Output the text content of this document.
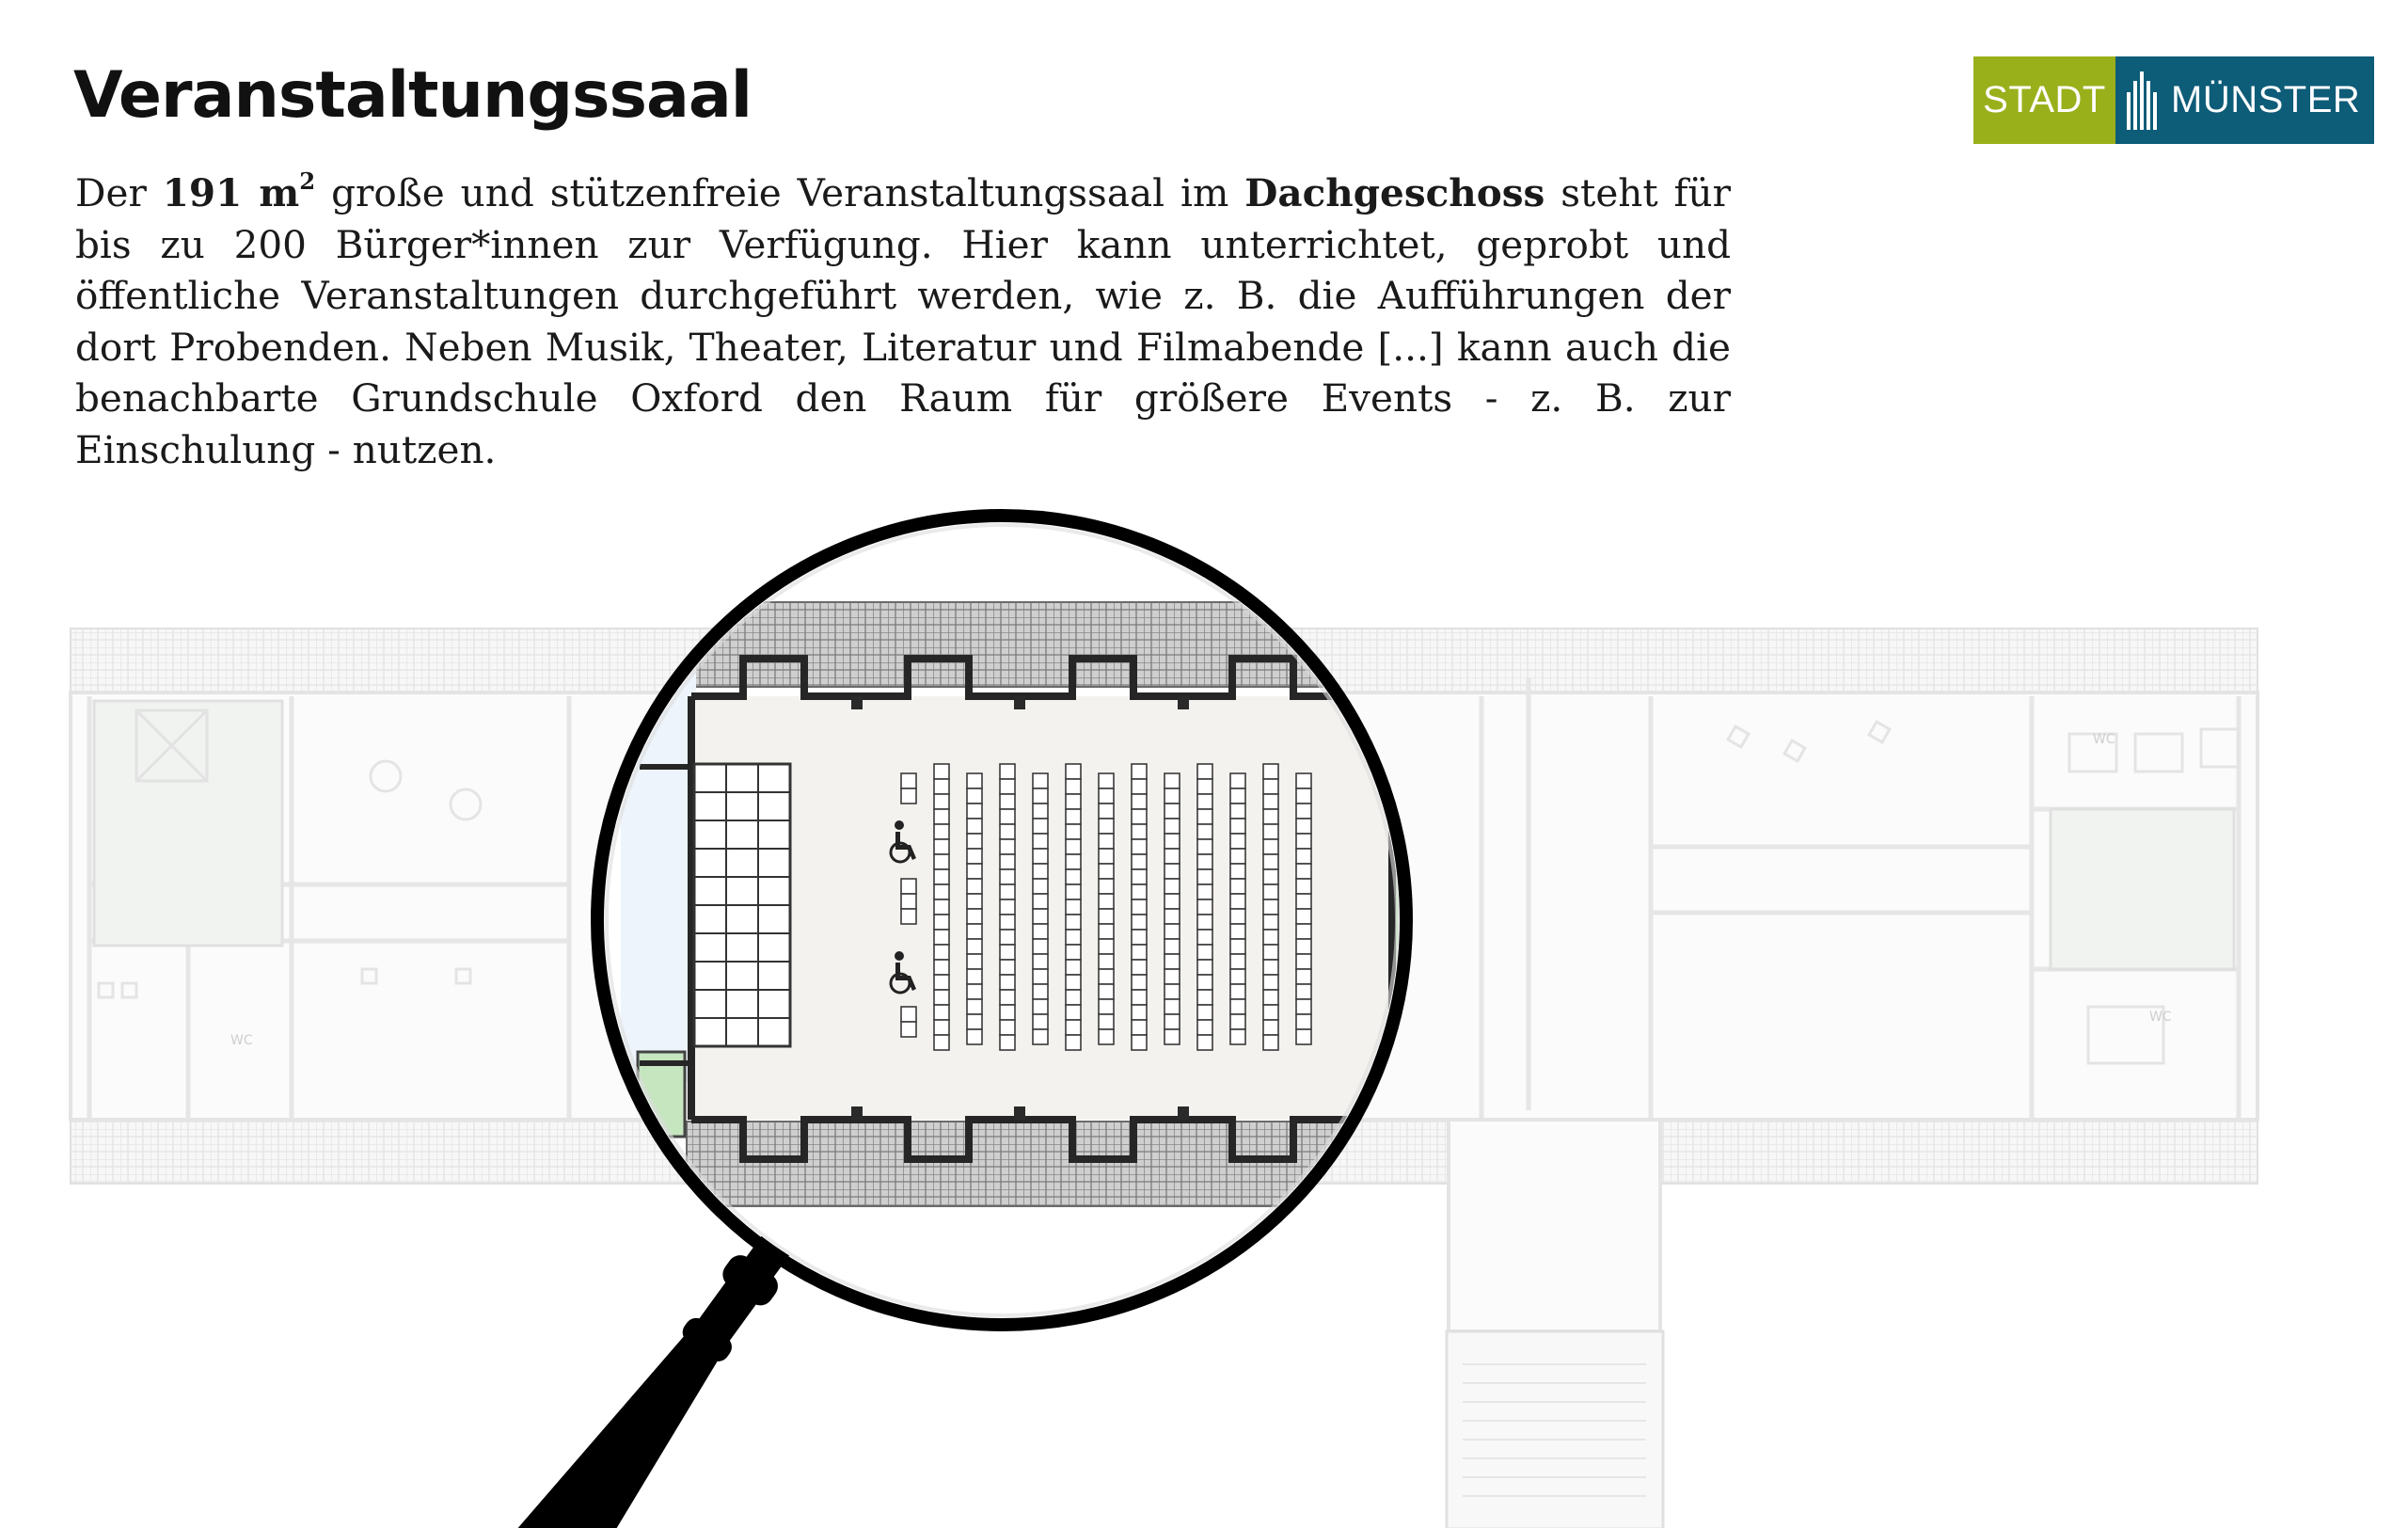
Veranstaltungssaal

Der 191 $m^2$ große und stützenfreie Veranstaltungssaal im Dachgeschoss steht für bis zu 200 Bürger*innen zur Verfügung. Hier kann unterrichtet, geprobt und öffentliche Veranstaltungen durchgeführt werden, wie z. B. die Aufführungen der dort Probenden. Neben Musik, Theater, Literatur und Filmabende [...] kann auch die benachbarte Grundschule Oxford den Raum für größere Events - z. B. zur Einschulung - nutzen.

STADT MÜNSTER
WC
WC
WC
